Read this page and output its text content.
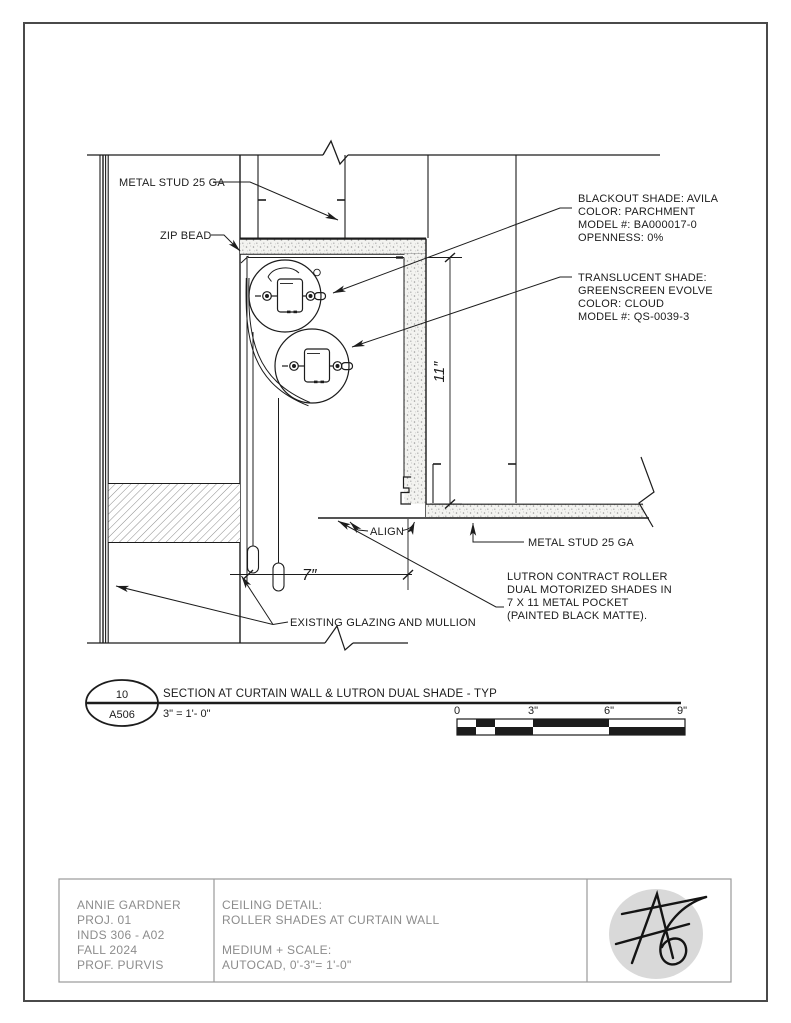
METAL STUD 25 GA
ZIP BEAD
BLACKOUT SHADE: AVILA
COLOR: PARCHMENT
MODEL #: BA000017-0
OPENNESS: 0%
TRANSLUCENT SHADE:
GREENSCREEN EVOLVE
COLOR: CLOUD
MODEL #: QS-0039-3
11″
ALIGN
METAL STUD 25 GA
LUTRON CONTRACT ROLLER
DUAL MOTORIZED SHADES IN
7 X 11 METAL POCKET
(PAINTED BLACK MATTE).
7″
EXISTING GLAZING AND MULLION
10
A506
SECTION AT CURTAIN WALL & LUTRON DUAL SHADE - TYP
3" = 1'- 0"	0	3"	6"	9"
ANNIE GARDNER
PROJ. 01
INDS 306 - A02
FALL 2024
PROF. PURVIS
CEILING DETAIL:
ROLLER SHADES AT CURTAIN WALL
MEDIUM + SCALE:
AUTOCAD, 0'-3"= 1'-0"
